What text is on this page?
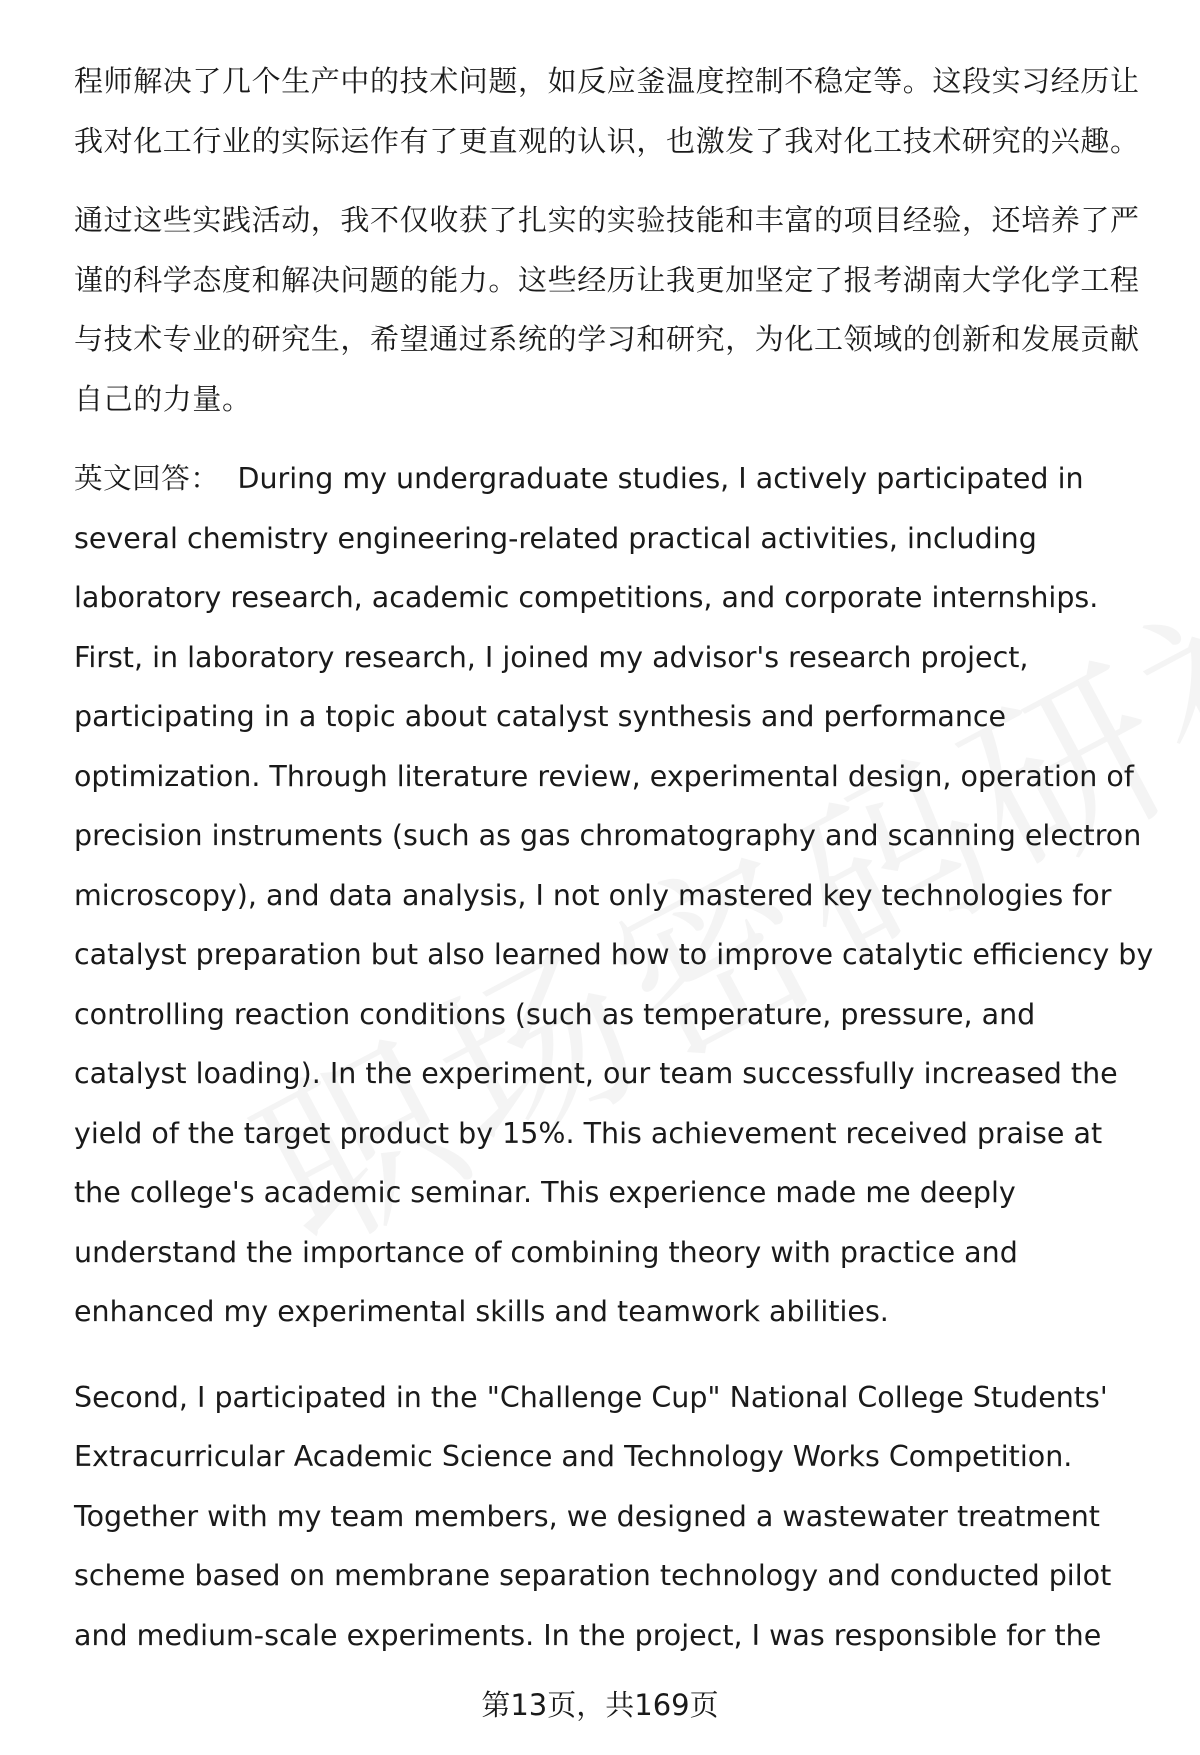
程师解决了几个生产中的技术问题，如反应釜温度控制不稳定等。这段实习经历让我对化工行业的实际运作有了更直观的认识，也激发了我对化工技术研究的兴趣。

通过这些实践活动，我不仅收获了扎实的实验技能和丰富的项目经验，还培养了严谨的科学态度和解决问题的能力。这些经历让我更加坚定了报考湖南大学化学工程与技术专业的研究生，希望通过系统的学习和研究，为化工领域的创新和发展贡献自己的力量。

英文回答： During my undergraduate studies, I actively participated in several chemistry engineering-related practical activities, including laboratory research, academic competitions, and corporate internships. First, in laboratory research, I joined my advisor's research project, participating in a topic about catalyst synthesis and performance optimization. Through literature review, experimental design, operation of precision instruments (such as gas chromatography and scanning electron microscopy), and data analysis, I not only mastered key technologies for catalyst preparation but also learned how to improve catalytic efficiency by controlling reaction conditions (such as temperature, pressure, and catalyst loading). In the experiment, our team successfully increased the yield of the target product by 15%. This achievement received praise at the college's academic seminar. This experience made me deeply understand the importance of combining theory with practice and enhanced my experimental skills and teamwork abilities.

Second, I participated in the "Challenge Cup" National College Students' Extracurricular Academic Science and Technology Works Competition. Together with my team members, we designed a wastewater treatment scheme based on membrane separation technology and conducted pilot and medium-scale experiments. In the project, I was responsible for the

第13页，共169页
